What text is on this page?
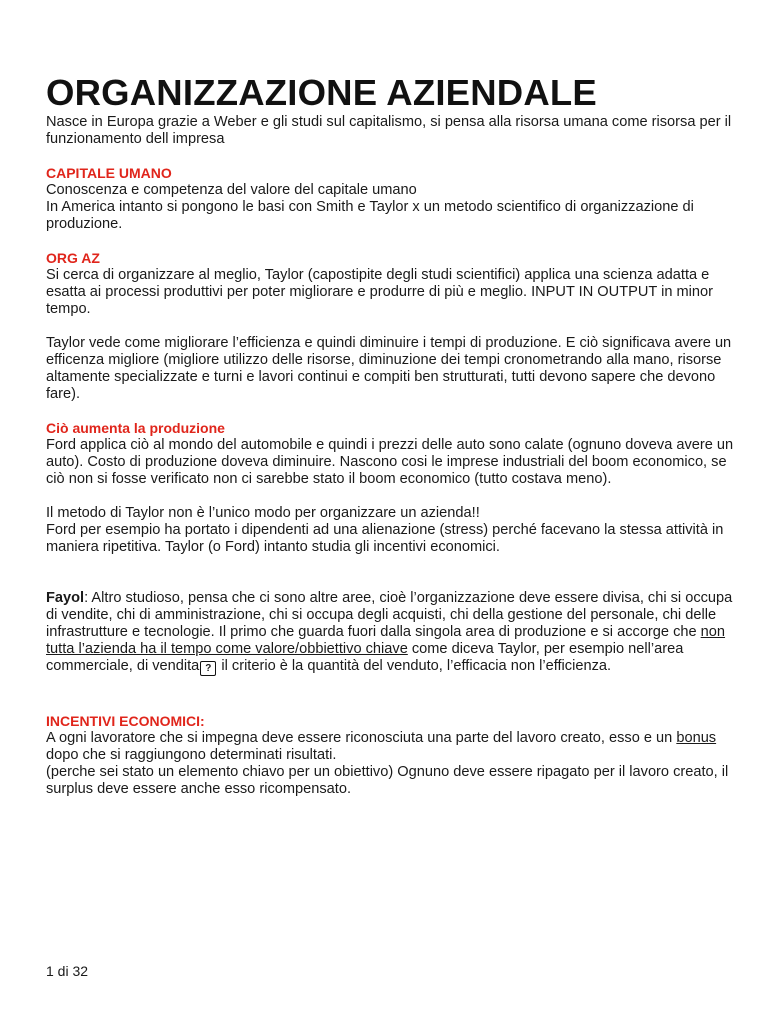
ORGANIZZAZIONE AZIENDALE

Nasce in Europa grazie a Weber e gli studi sul capitalismo, si pensa alla risorsa umana come risorsa per il funzionamento dell impresa

CAPITALE UMANO

Conoscenza e competenza del valore del capitale umano

In America intanto si pongono le basi con Smith e Taylor x un metodo scientifico di organizzazione di produzione.

ORG AZ

Si cerca di organizzare al meglio, Taylor (capostipite degli studi scientifici) applica una scienza adatta e esatta ai processi produttivi per poter migliorare e produrre di più e meglio. INPUT IN OUTPUT in minor tempo.

Taylor vede come migliorare l’efficienza e quindi diminuire i tempi di produzione. E ciò significava avere un efficenza migliore (migliore utilizzo delle risorse, diminuzione dei tempi cronometrando alla mano, risorse altamente specializzate e turni e lavori continui e compiti ben strutturati, tutti devono sapere che devono fare).

Ciò aumenta la produzione

Ford applica ciò al mondo del automobile e quindi i prezzi delle auto sono calate (ognuno doveva avere un auto). Costo di produzione doveva diminuire. Nascono cosi le imprese industriali del boom economico, se ciò non si fosse verificato non ci sarebbe stato il boom economico (tutto costava meno).

Il metodo di Taylor non è l’unico modo per organizzare un azienda!!

Ford per esempio ha portato i dipendenti ad una alienazione (stress) perché facevano la stessa attività in maniera ripetitiva. Taylor (o Ford) intanto studia gli incentivi economici.

Fayol: Altro studioso, pensa che ci sono altre aree, cioè l’organizzazione deve essere divisa, chi si occupa di vendite, chi di amministrazione, chi si occupa degli acquisti, chi della gestione del personale, chi delle infrastrutture e tecnologie. Il primo che guarda fuori dalla singola area di produzione e si accorge che non tutta l’azienda ha il tempo come valore/obbiettivo chiave come diceva Taylor, per esempio nell’area commerciale, di vendita ? il criterio è la quantità del venduto, l’efficacia non l’efficienza.

INCENTIVI ECONOMICI:

A ogni lavoratore che si impegna deve essere riconosciuta una parte del lavoro creato, esso e un bonus dopo che si raggiungono determinati risultati.

(perche sei stato un elemento chiavo per un obiettivo) Ognuno deve essere ripagato per il lavoro creato, il surplus deve essere anche esso ricompensato.

1 di 32
